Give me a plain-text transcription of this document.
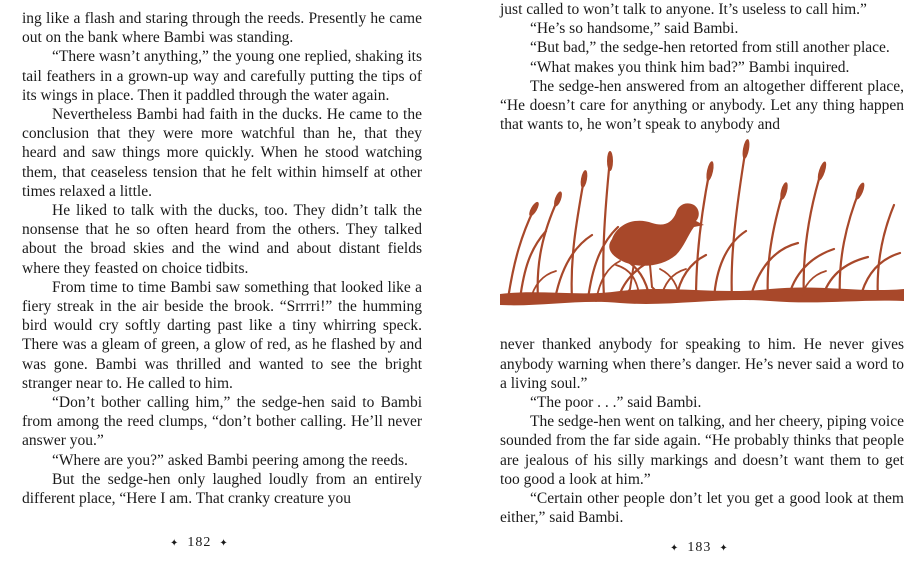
ing like a flash and staring through the reeds. Presently he came out on the bank where Bambi was standing.

“There wasn’t anything,” the young one replied, shaking its tail feathers in a grown-up way and carefully putting the tips of its wings in place. Then it paddled through the water again.

Nevertheless Bambi had faith in the ducks. He came to the conclusion that they were more watchful than he, that they heard and saw things more quickly. When he stood watching them, that ceaseless tension that he felt within himself at other times relaxed a little.

He liked to talk with the ducks, too. They didn’t talk the nonsense that he so often heard from the others. They talked about the broad skies and the wind and about distant fields where they feasted on choice tidbits.

From time to time Bambi saw something that looked like a fiery streak in the air beside the brook. “Srrrri!” the humming bird would cry softly darting past like a tiny whirring speck. There was a gleam of green, a glow of red, as he flashed by and was gone. Bambi was thrilled and wanted to see the bright stranger near to. He called to him.

“Don’t bother calling him,” the sedge-hen said to Bambi from among the reed clumps, “don’t bother calling. He’ll never answer you.”

“Where are you?” asked Bambi peering among the reeds.

But the sedge-hen only laughed loudly from an entirely different place, “Here I am. That cranky creature you

✦ 182 ✦

just called to won’t talk to anyone. It’s useless to call him.”

“He’s so handsome,” said Bambi.

“But bad,” the sedge-hen retorted from still another place.

“What makes you think him bad?” Bambi inquired.

The sedge-hen answered from an altogether different place, “He doesn’t care for anything or anybody. Let any thing happen that wants to, he won’t speak to anybody and

never thanked anybody for speaking to him. He never gives anybody warning when there’s danger. He’s never said a word to a living soul.”

“The poor . . .” said Bambi.

The sedge-hen went on talking, and her cheery, piping voice sounded from the far side again. “He probably thinks that people are jealous of his silly markings and doesn’t want them to get too good a look at him.”

“Certain other people don’t let you get a good look at them either,” said Bambi.

✦ 183 ✦
